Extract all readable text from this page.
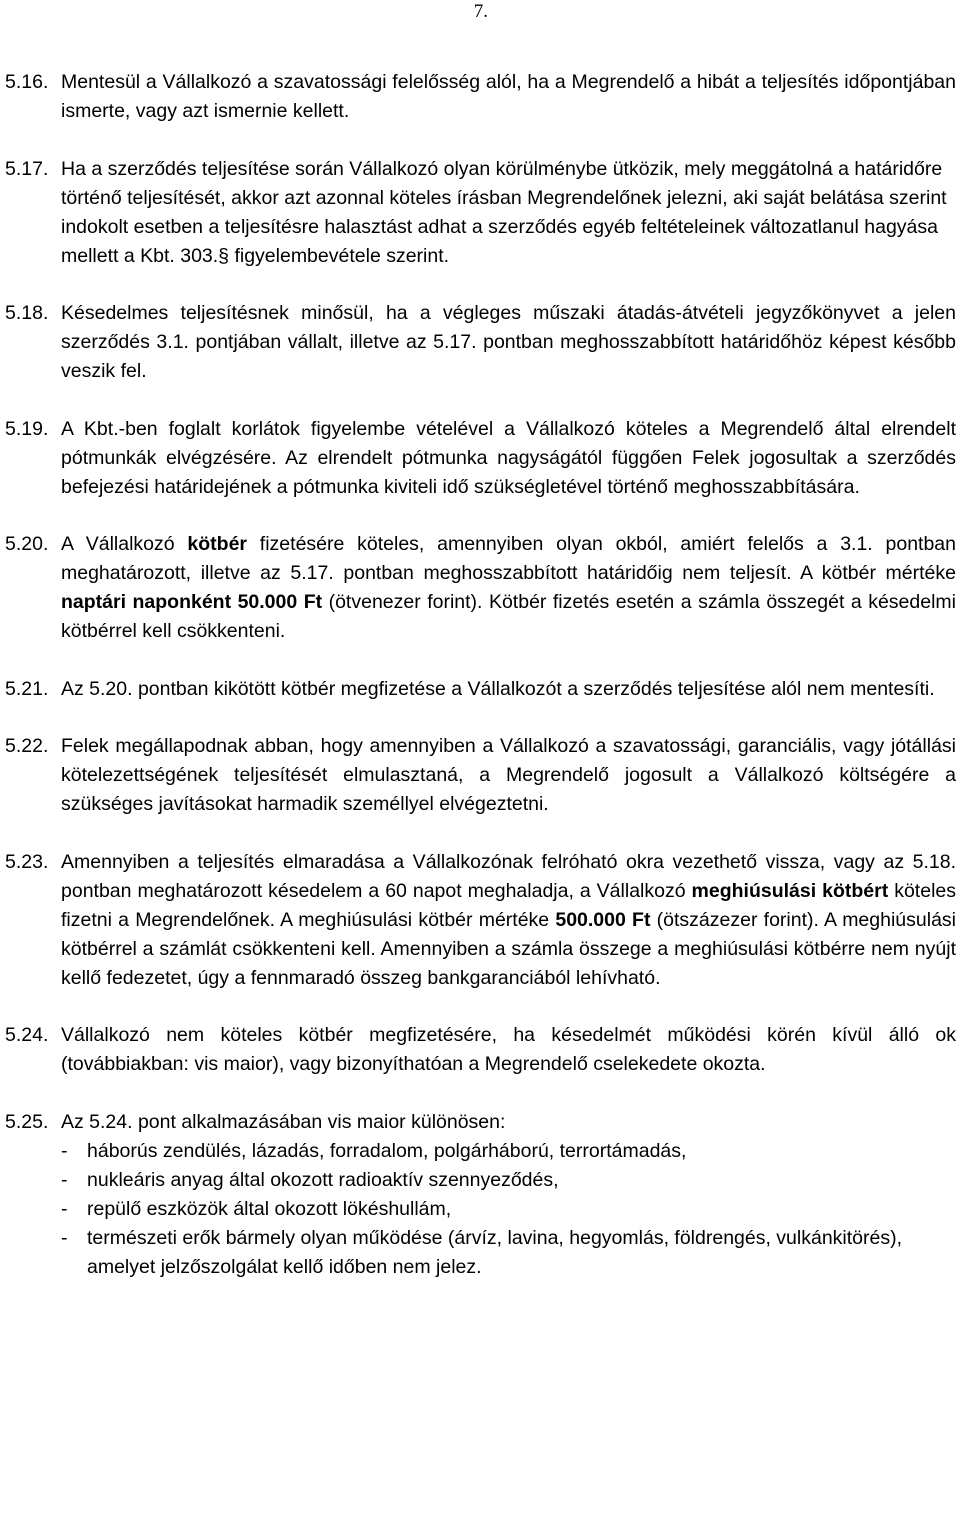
7.
5.16. Mentesül a Vállalkozó a szavatossági felelősség alól, ha a Megrendelő a hibát a teljesítés időpontjában ismerte, vagy azt ismernie kellett.
5.17. Ha a szerződés teljesítése során Vállalkozó olyan körülménybe ütközik, mely meggátolná a határidőre történő teljesítését, akkor azt azonnal köteles írásban Megrendelőnek jelezni, aki saját belátása szerint indokolt esetben a teljesítésre halasztást adhat a szerződés egyéb feltételeinek változatlanul hagyása mellett a Kbt. 303.§ figyelembevétele szerint.
5.18. Késedelmes teljesítésnek minősül, ha a végleges műszaki átadás-átvételi jegyzőkönyvet a jelen szerződés 3.1. pontjában vállalt, illetve az 5.17. pontban meghosszabbított határidőhöz képest később veszik fel.
5.19. A Kbt.-ben foglalt korlátok figyelembe vételével a Vállalkozó köteles a Megrendelő által elrendelt pótmunkák elvégzésére. Az elrendelt pótmunka nagyságától függően Felek jogosultak a szerződés befejezési határidejének a pótmunka kiviteli idő szükségletével történő meghosszabbítására.
5.20. A Vállalkozó kötbér fizetésére köteles, amennyiben olyan okból, amiért felelős a 3.1. pontban meghatározott, illetve az 5.17. pontban meghosszabbított határidőig nem teljesít. A kötbér mértéke naptári naponként 50.000 Ft (ötvenezer forint). Kötbér fizetés esetén a számla összegét a késedelmi kötbérrel kell csökkenteni.
5.21. Az 5.20. pontban kikötött kötbér megfizetése a Vállalkozót a szerződés teljesítése alól nem mentesíti.
5.22. Felek megállapodnak abban, hogy amennyiben a Vállalkozó a szavatossági, garanciális, vagy jótállási kötelezettségének teljesítését elmulasztaná, a Megrendelő jogosult a Vállalkozó költségére a szükséges javításokat harmadik személlyel elvégeztetni.
5.23. Amennyiben a teljesítés elmaradása a Vállalkozónak felróható okra vezethető vissza, vagy az 5.18. pontban meghatározott késedelem a 60 napot meghaladja, a Vállalkozó meghiúsulási kötbért köteles fizetni a Megrendelőnek. A meghiúsulási kötbér mértéke 500.000 Ft (ötszázezer forint). A meghiúsulási kötbérrel a számlát csökkenteni kell. Amennyiben a számla összege a meghiúsulási kötbérre nem nyújt kellő fedezetet, úgy a fennmaradó összeg bankgaranciából lehívható.
5.24. Vállalkozó nem köteles kötbér megfizetésére, ha késedelmét működési körén kívül álló ok (továbbiakban: vis maior), vagy bizonyíthatóan a Megrendelő cselekedete okozta.
5.25. Az 5.24. pont alkalmazásában vis maior különösen:
-	háborús zendülés, lázadás, forradalom, polgárháború, terrortámadás,
-	nukleáris anyag által okozott radioaktív szennyeződés,
-	repülő eszközök által okozott lökéshullám,
-	természeti erők bármely olyan működése (árvíz, lavina, hegyomlás, földrengés, vulkánkitörés), amelyet jelzőszolgálat kellő időben nem jelez.
